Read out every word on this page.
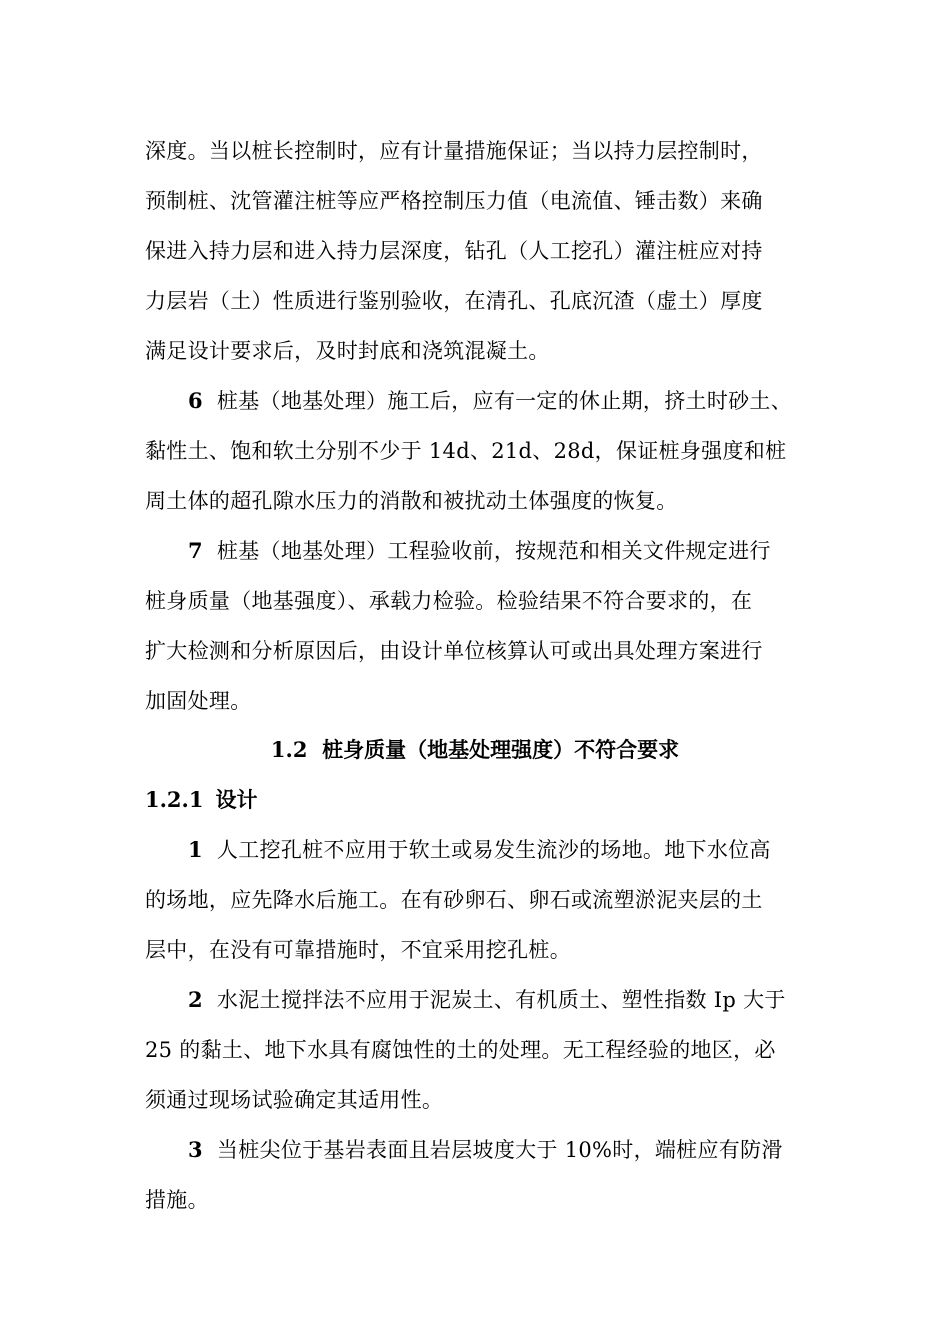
深度。当以桩长控制时，应有计量措施保证；当以持力层控制时，
预制桩、沈管灌注桩等应严格控制压力值（电流值、锤击数）来确
保进入持力层和进入持力层深度，钻孔（人工挖孔）灌注桩应对持
力层岩（土）性质进行鉴别验收，在清孔、孔底沉渣（虚土）厚度
满足设计要求后，及时封底和浇筑混凝土。
6 桩基（地基处理）施工后，应有一定的休止期，挤土时砂土、
黏性土、饱和软土分别不少于 14d、21d、28d，保证桩身强度和桩
周土体的超孔隙水压力的消散和被扰动土体强度的恢复。
7 桩基（地基处理）工程验收前，按规范和相关文件规定进行
桩身质量（地基强度）、承载力检验。检验结果不符合要求的，在
扩大检测和分析原因后，由设计单位核算认可或出具处理方案进行
加固处理。
1.2 桩身质量（地基处理强度）不符合要求
1.2.1 设计
1 人工挖孔桩不应用于软土或易发生流沙的场地。地下水位高
的场地，应先降水后施工。在有砂卵石、卵石或流塑淤泥夹层的土
层中，在没有可靠措施时，不宜采用挖孔桩。
2 水泥土搅拌法不应用于泥炭土、有机质土、塑性指数 Ip 大于
25 的黏土、地下水具有腐蚀性的土的处理。无工程经验的地区，必
须通过现场试验确定其适用性。
3 当桩尖位于基岩表面且岩层坡度大于 10%时，端桩应有防滑
措施。
